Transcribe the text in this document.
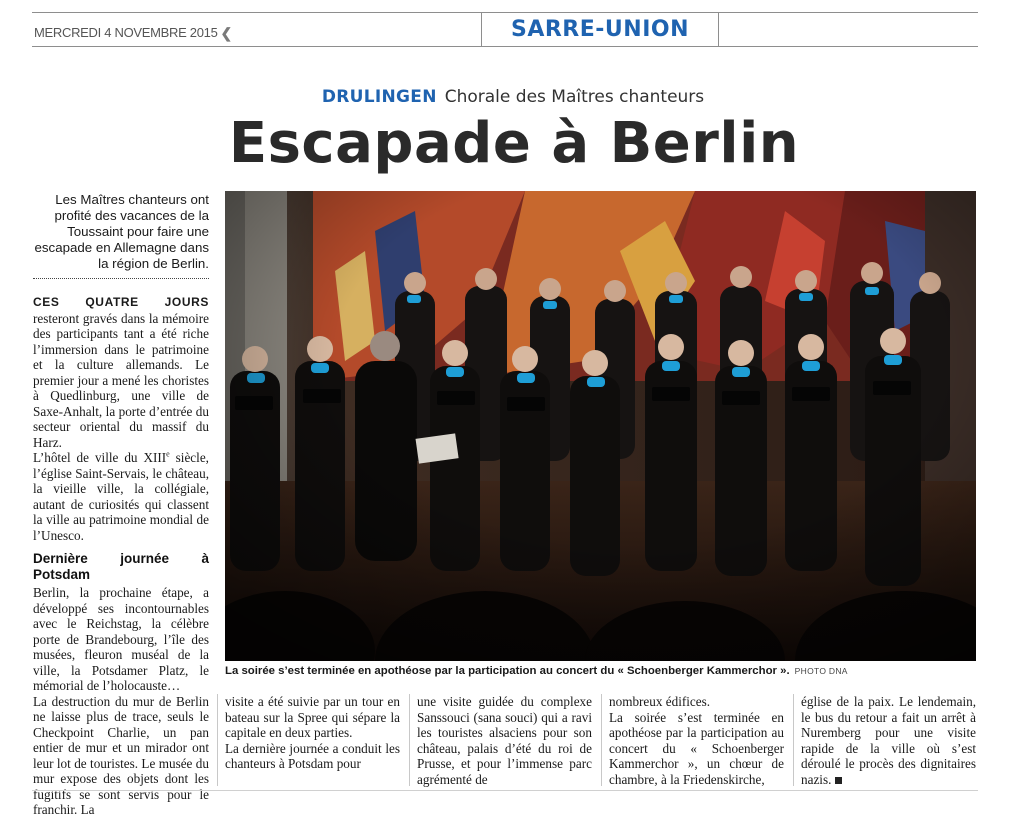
MERCREDI 4 NOVEMBRE 2015 ❮	SARRE-UNION
DRULINGEN Chorale des Maîtres chanteurs
Escapade à Berlin
Les Maîtres chanteurs ont profité des vacances de la Toussaint pour faire une escapade en Allemagne dans la région de Berlin.

CES QUATRE JOURS resteront gravés dans la mémoire des participants tant a été riche l’immersion dans le patrimoine et la culture allemands. Le premier jour a mené les choristes à Quedlinburg, une ville de Saxe-Anhalt, la porte d’entrée du secteur oriental du massif du Harz.

L’hôtel de ville du XIIIe siècle, l’église Saint-Servais, le château, la vieille ville, la collégiale, autant de curiosités qui classent la ville au patrimoine mondial de l’Unesco.

Dernière journée à Potsdam

Berlin, la prochaine étape, a développé ses incontournables avec le Reichstag, la célèbre porte de Brandebourg, l’île des musées, fleuron muséal de la ville, la Potsdamer Platz, le mémorial de l’holocauste…

La destruction du mur de Berlin ne laisse plus de trace, seuls le Checkpoint Charlie, un pan entier de mur et un mirador ont leur lot de touristes. Le musée du mur expose des objets dont les fugitifs se sont servis pour le franchir. La

La soirée s’est terminée en apothéose par la participation au concert du « Schoenberger Kammerchor ». PHOTO DNA

visite a été suivie par un tour en bateau sur la Spree qui sépare la capitale en deux parties.

La dernière journée a conduit les chanteurs à Potsdam pour

une visite guidée du complexe Sanssouci (sana souci) qui a ravi les touristes alsaciens pour son château, palais d’été du roi de Prusse, et pour l’immense parc agrémenté de

nombreux édifices.

La soirée s’est terminée en apothéose par la participation au concert du « Schoenberger Kammerchor », un chœur de chambre, à la Friedenskirche,

église de la paix. Le lendemain, le bus du retour a fait un arrêt à Nuremberg pour une visite rapide de la ville où s’est déroulé le procès des dignitaires nazis.
